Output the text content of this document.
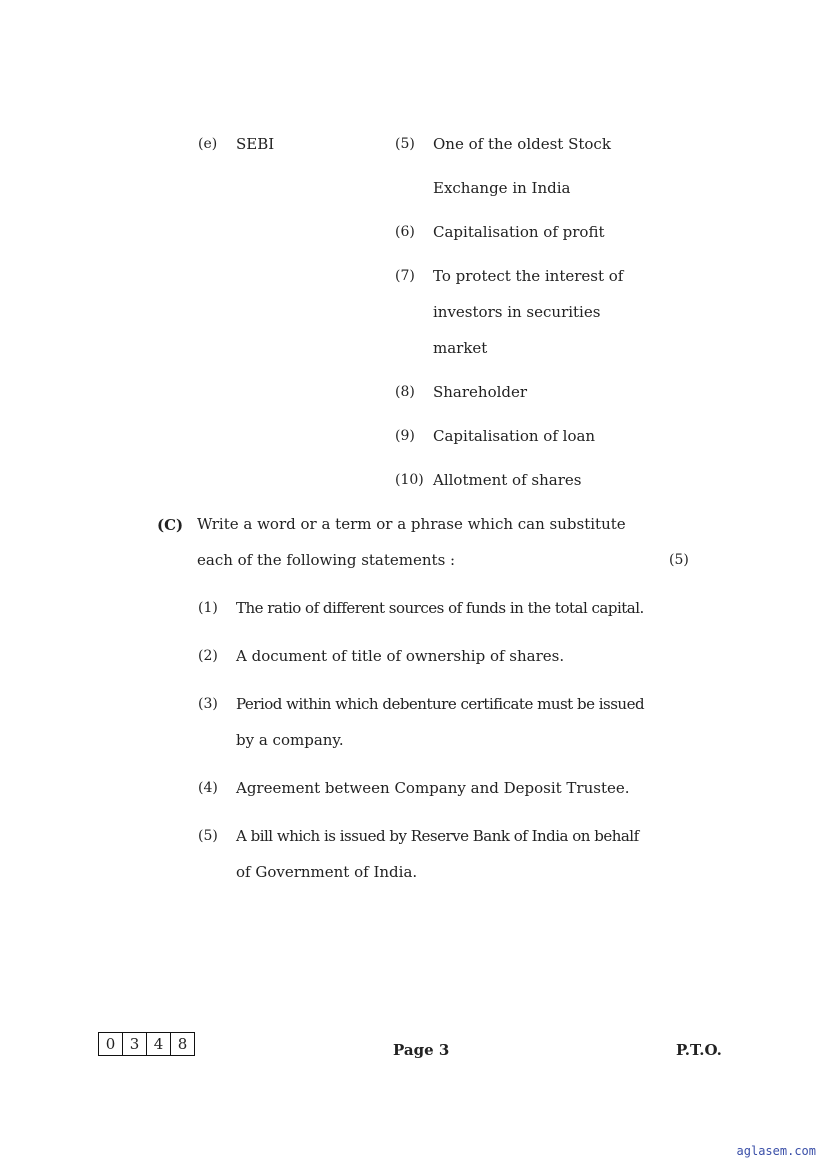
(e) SEBI	(5) One of the oldest Stock
Exchange in India
(6) Capitalisation of profit
(7) To protect the interest of
investors in securities
market
(8) Shareholder
(9) Capitalisation of loan
(10) Allotment of shares
(C) Write a word or a term or a phrase which can substitute
each of the following statements :	(5)
(1) The ratio of different sources of funds in the total capital.
(2) A document of title of ownership of shares.
(3) Period within which debenture certificate must be issued
by a company.
(4) Agreement between Company and Deposit Trustee.
(5) A bill which is issued by Reserve Bank of India on behalf
of Government of India.
0 3 4 8	Page 3	P.T.O.
aglasem.com
